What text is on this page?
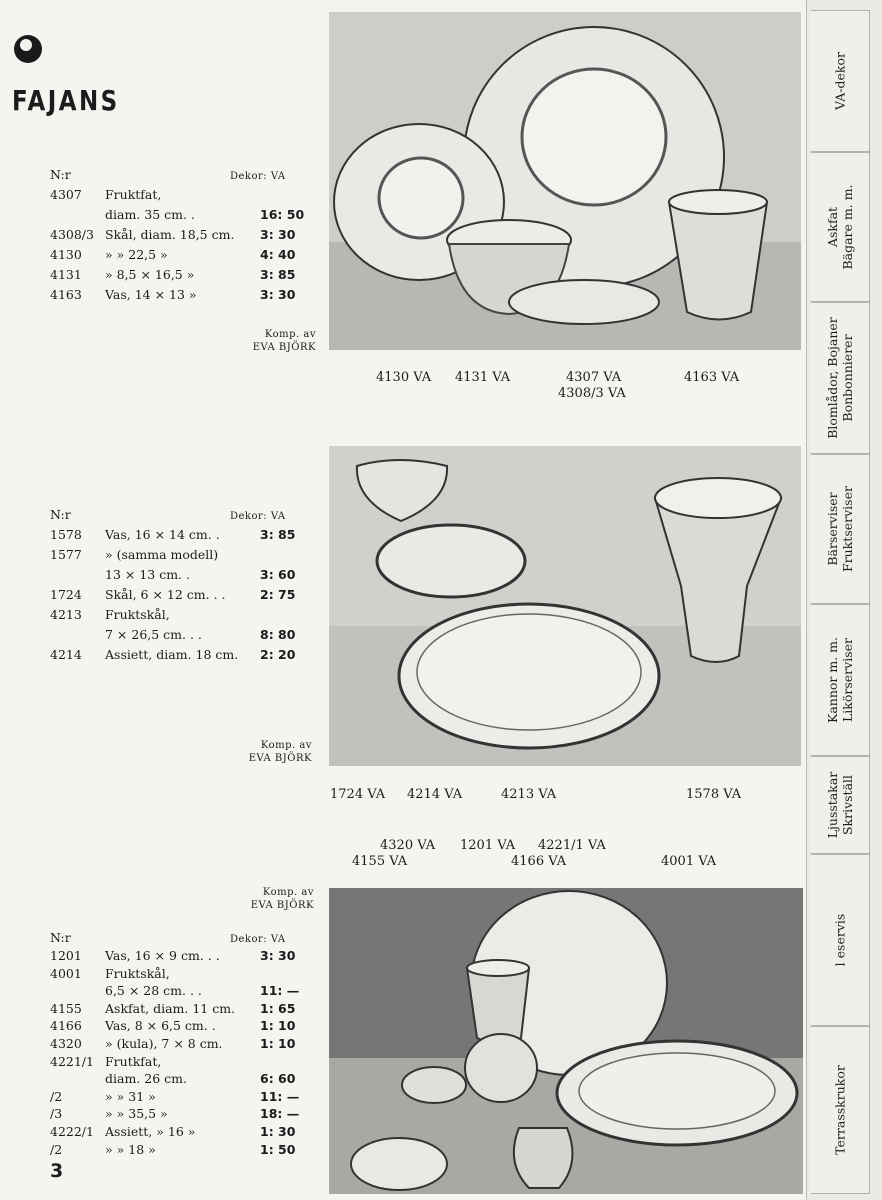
FAJANS
N:r	Dekor: VA
4307 Fruktfat,
diam. 35 cm. .	16: 50
4308/3 Skål, diam. 18,5 cm. 3: 30
4130 » » 22,5 »	4: 40
4131 » 8,5 × 16,5 »	3: 85
4163 Vas, 14 × 13 »	3: 30
Komp. av
EVA BJÖRK
4130 VA 4131 VA	4307 VA
4308/3 VA
4163 VA
N:r	Dekor: VA
1578 Vas, 16 × 14 cm. .	3: 85
1577 » (samma modell)
13 × 13 cm. .	3: 60
1724 Skål, 6 × 12 cm. . .	2: 75
4213 Fruktskål,
7 × 26,5 cm. . .	8: 80
4214 Assiett, diam. 18 cm. 2: 20
Komp. av
EVA BJÖRK
1724 VA 4214 VA	4213 VA	1578 VA
4320 VA 1201 VA 4221/1 VA
4155 VA	4166 VA	4001 VA
Komp. av
EVA BJÖRK
N:r	Dekor: VA
1201 Vas, 16 × 9 cm. . .	3: 30
4001 Fruktskål,
6,5 × 28 cm. . .	11: —
4155 Askfat, diam. 11 cm. 1: 65
4166 Vas, 8 × 6,5 cm. .	1: 10
4320 » (kula), 7 × 8 cm.	1: 10
4221/1 Frutkfat,
diam. 26 cm.	6: 60
/2	» » 31 »	11: —
/3	» » 35,5 »	18: —
4222/1 Assiett, » 16 »	1: 30
/2	» » 18 »	1: 50
3
VA-dekor
Askfat Bägare m. m.
Blomlådor, Bojaner Bonbonnierer
Bärserviser Fruktserviser
Kannor m. m. Likörserviser
Ljusstakar Skrivställ
l eservis
Terrasskrukor
